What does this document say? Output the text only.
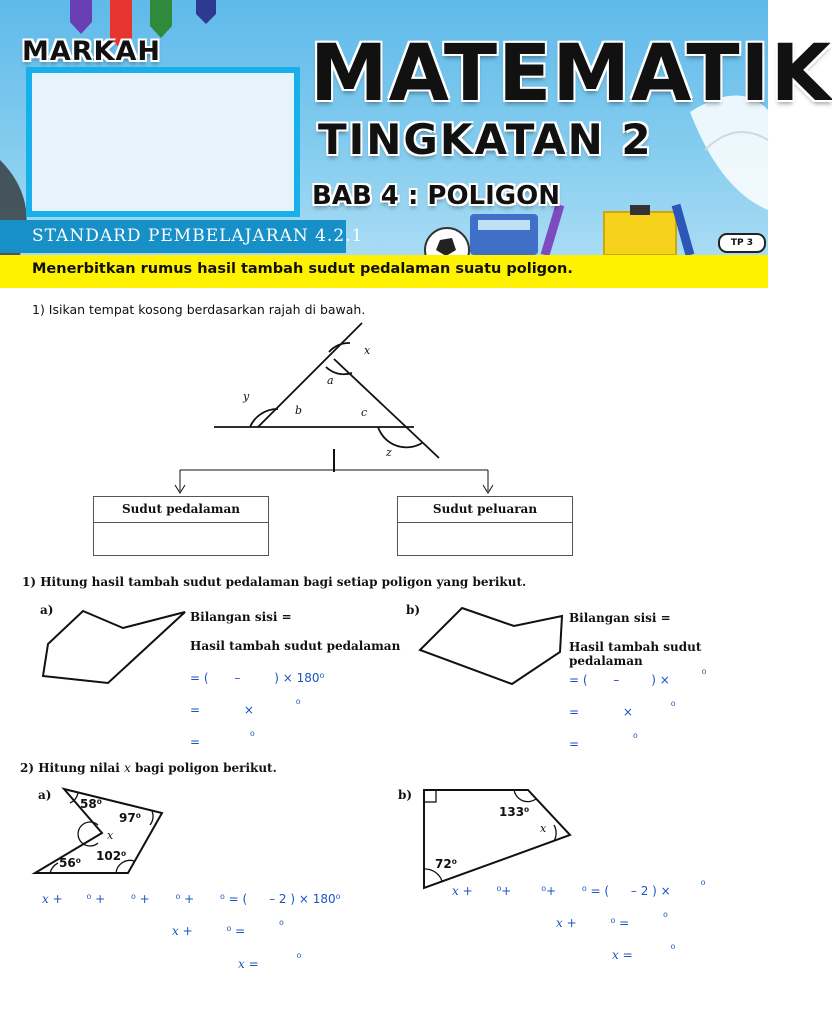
MARKAH MATEMATIK
TINGKATAN 2
BAB 4 : POLIGON
STANDARD PEMBELAJARAN 4.2.1	TP 3
Menerbitkan rumus hasil tambah sudut pedalaman suatu poligon.
1) Isikan tempat kosong berdasarkan rajah di bawah.
x
a
y
b	c
z
Sudut pedalaman	Sudut peluaran
1) Hitung hasil tambah sudut pedalaman bagi setiap poligon yang berikut.
a)	Bilangan sisi =
Hasil tambah sudut pedalaman
= ( –	) × 180⁰
=	×	⁰
=	⁰
b)
Bilangan sisi =
Hasil tambah sudut pedalaman
= ( –	) ×	⁰
=	×	⁰
=	⁰
2) Hitung nilai x bagi poligon berikut.
a)
58⁰
97⁰
x
102⁰
56⁰
x + ⁰ + ⁰ + ⁰ + ⁰ = ( – 2 ) × 180⁰
x +	⁰ =	⁰
x =	⁰
b)
133⁰
x
72⁰
x + ⁰+ ⁰+ ⁰ = ( – 2 ) × ⁰
x +	⁰ =	⁰
x =	⁰
